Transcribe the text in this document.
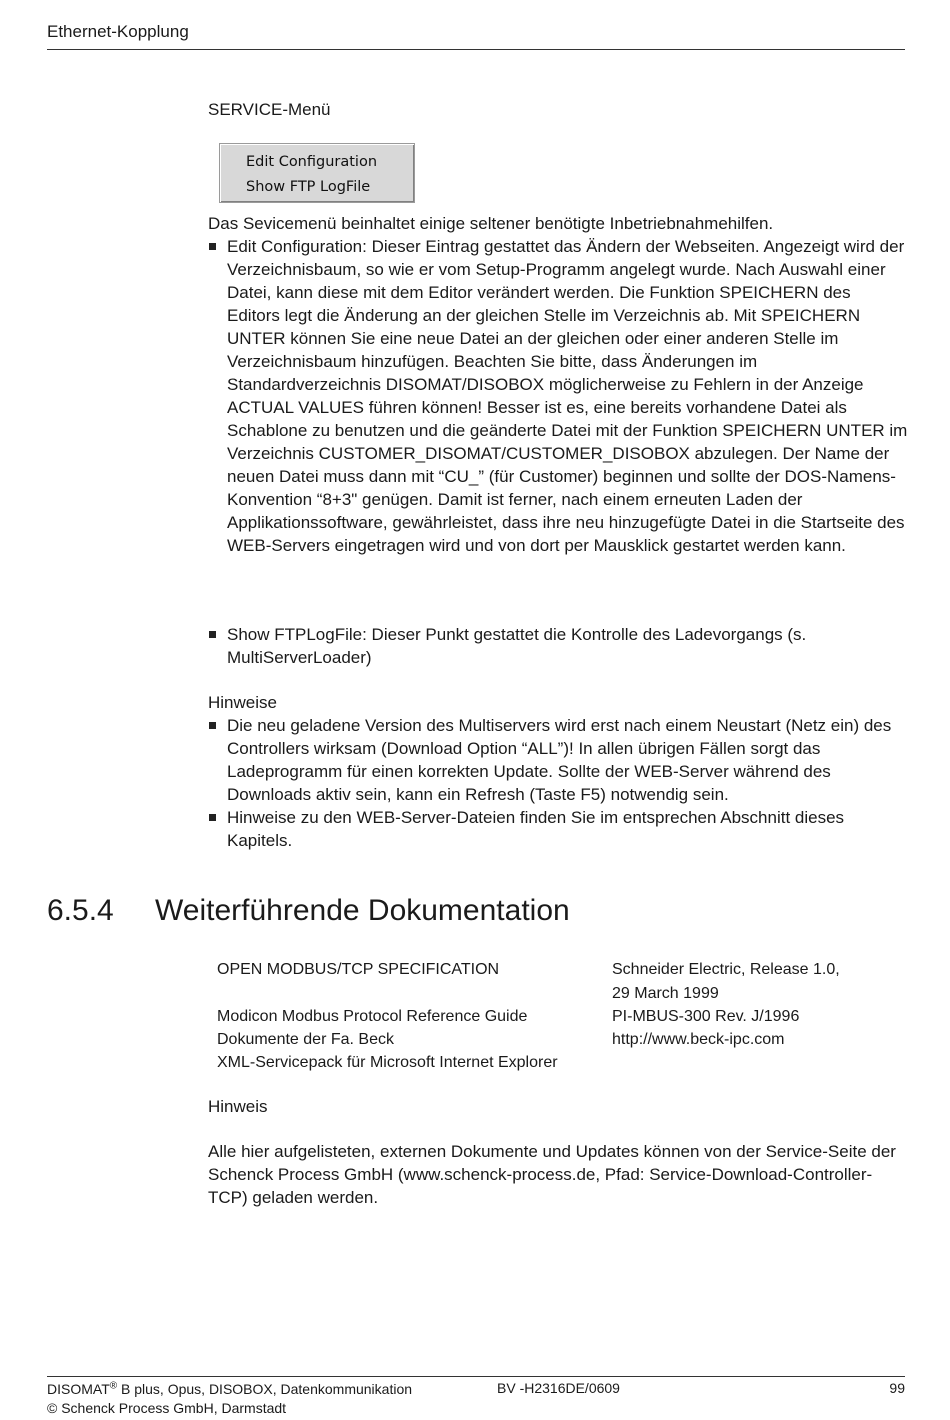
Ethernet-Kopplung
SERVICE-Menü
Edit Configuration
Show FTP LogFile
Das Sevicemenü beinhaltet einige seltener benötigte Inbetriebnahmehilfen.
Edit Configuration: Dieser Eintrag gestattet das Ändern der Webseiten. Angezeigt wird der Verzeichnisbaum, so wie er vom Setup-Programm angelegt wurde. Nach Auswahl einer Datei, kann diese mit dem Editor verändert werden. Die Funktion SPEICHERN des Editors legt die Änderung an der gleichen Stelle im Verzeichnis ab. Mit SPEICHERN UNTER können Sie eine neue Datei an der gleichen oder einer anderen Stelle im Verzeichnisbaum hinzufügen. Beachten Sie bitte, dass Änderungen im Standardverzeichnis DISOMAT/DISOBOX möglicherweise zu Fehlern in der Anzeige ACTUAL VALUES führen können! Besser ist es, eine bereits vorhandene Datei als Schablone zu benutzen und die geänderte Datei mit der Funktion SPEICHERN UNTER im Verzeichnis CUSTOMER_DISOMAT/CUSTOMER_DISOBOX abzulegen. Der Name der neuen Datei muss dann mit “CU_” (für Customer) beginnen und sollte der DOS-Namens-Konvention “8+3" genügen. Damit ist ferner, nach einem erneuten Laden der Applikationssoftware, gewährleistet, dass ihre neu hinzugefügte Datei in die Startseite des WEB-Servers eingetragen wird und von dort per Mausklick gestartet werden kann.
Show FTPLogFile: Dieser Punkt gestattet die Kontrolle des Ladevorgangs (s. MultiServerLoader)
Hinweise
Die neu geladene Version des Multiservers wird erst nach einem Neustart (Netz ein) des Controllers wirksam (Download Option “ALL”)! In allen übrigen Fällen sorgt das Ladeprogramm für einen korrekten Update. Sollte der WEB-Server während des Downloads aktiv sein, kann ein Refresh (Taste F5) notwendig sein.
Hinweise zu den WEB-Server-Dateien finden Sie im entsprechen Abschnitt dieses Kapitels.
6.5.4 Weiterführende Dokumentation
OPEN MODBUS/TCP SPECIFICATION	Schneider Electric, Release 1.0,
29 March 1999
Modicon Modbus Protocol Reference Guide	PI-MBUS-300 Rev. J/1996
Dokumente der Fa. Beck	http://www.beck-ipc.com
XML-Servicepack für Microsoft Internet Explorer
Hinweis
Alle hier aufgelisteten, externen Dokumente und Updates können von der Service-Seite der Schenck Process GmbH (www.schenck-process.de, Pfad: Service-Download-Controller-TCP) geladen werden.
DISOMAT® B plus, Opus, DISOBOX, Datenkommunikation	BV -H2316DE/0609	99
© Schenck Process GmbH, Darmstadt
